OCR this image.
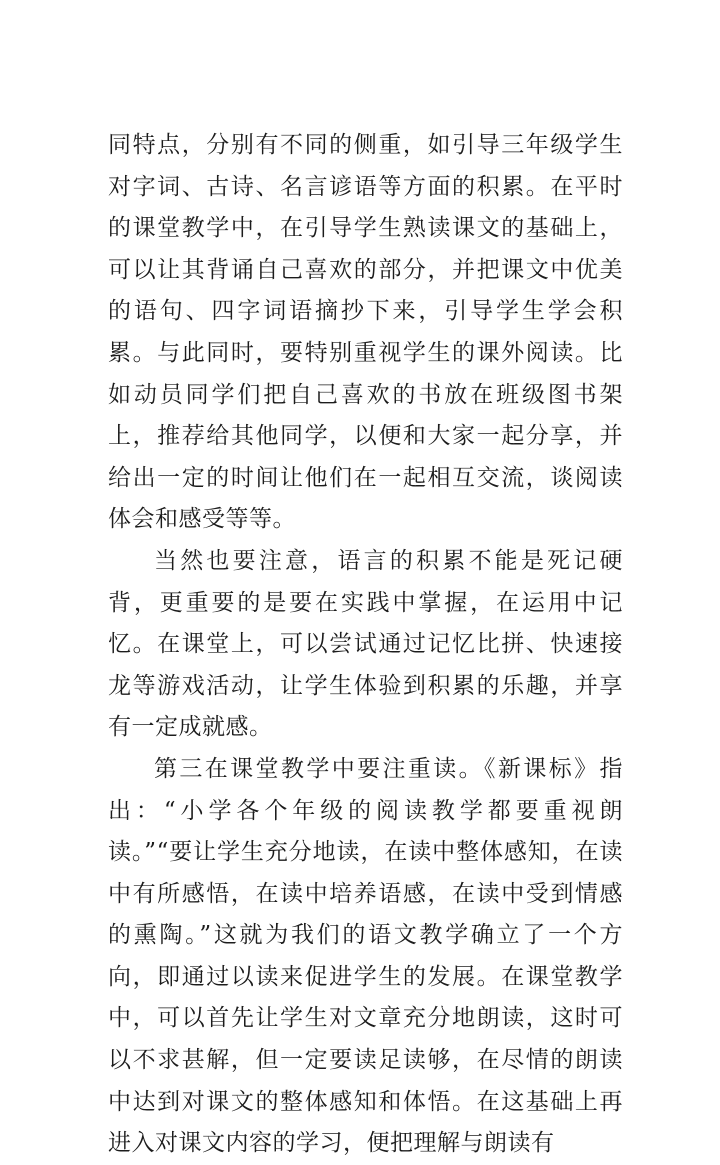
同特点，分别有不同的侧重，如引导三年级学生对字词、古诗、名言谚语等方面的积累。在平时的课堂教学中，在引导学生熟读课文的基础上，可以让其背诵自己喜欢的部分，并把课文中优美的语句、四字词语摘抄下来，引导学生学会积累。与此同时，要特别重视学生的课外阅读。比如动员同学们把自己喜欢的书放在班级图书架上，推荐给其他同学，以便和大家一起分享，并给出一定的时间让他们在一起相互交流，谈阅读体会和感受等等。

当然也要注意，语言的积累不能是死记硬背，更重要的是要在实践中掌握，在运用中记忆。在课堂上，可以尝试通过记忆比拼、快速接龙等游戏活动，让学生体验到积累的乐趣，并享有一定成就感。

第三在课堂教学中要注重读。《新课标》指出：“小学各个年级的阅读教学都要重视朗读。”“要让学生充分地读，在读中整体感知，在读中有所感悟，在读中培养语感，在读中受到情感的熏陶。”这就为我们的语文教学确立了一个方向，即通过以读来促进学生的发展。在课堂教学中，可以首先让学生对文章充分地朗读，这时可以不求甚解，但一定要读足读够，在尽情的朗读中达到对课文的整体感知和体悟。在这基础上再进入对课文内容的学习，便把理解与朗读有
